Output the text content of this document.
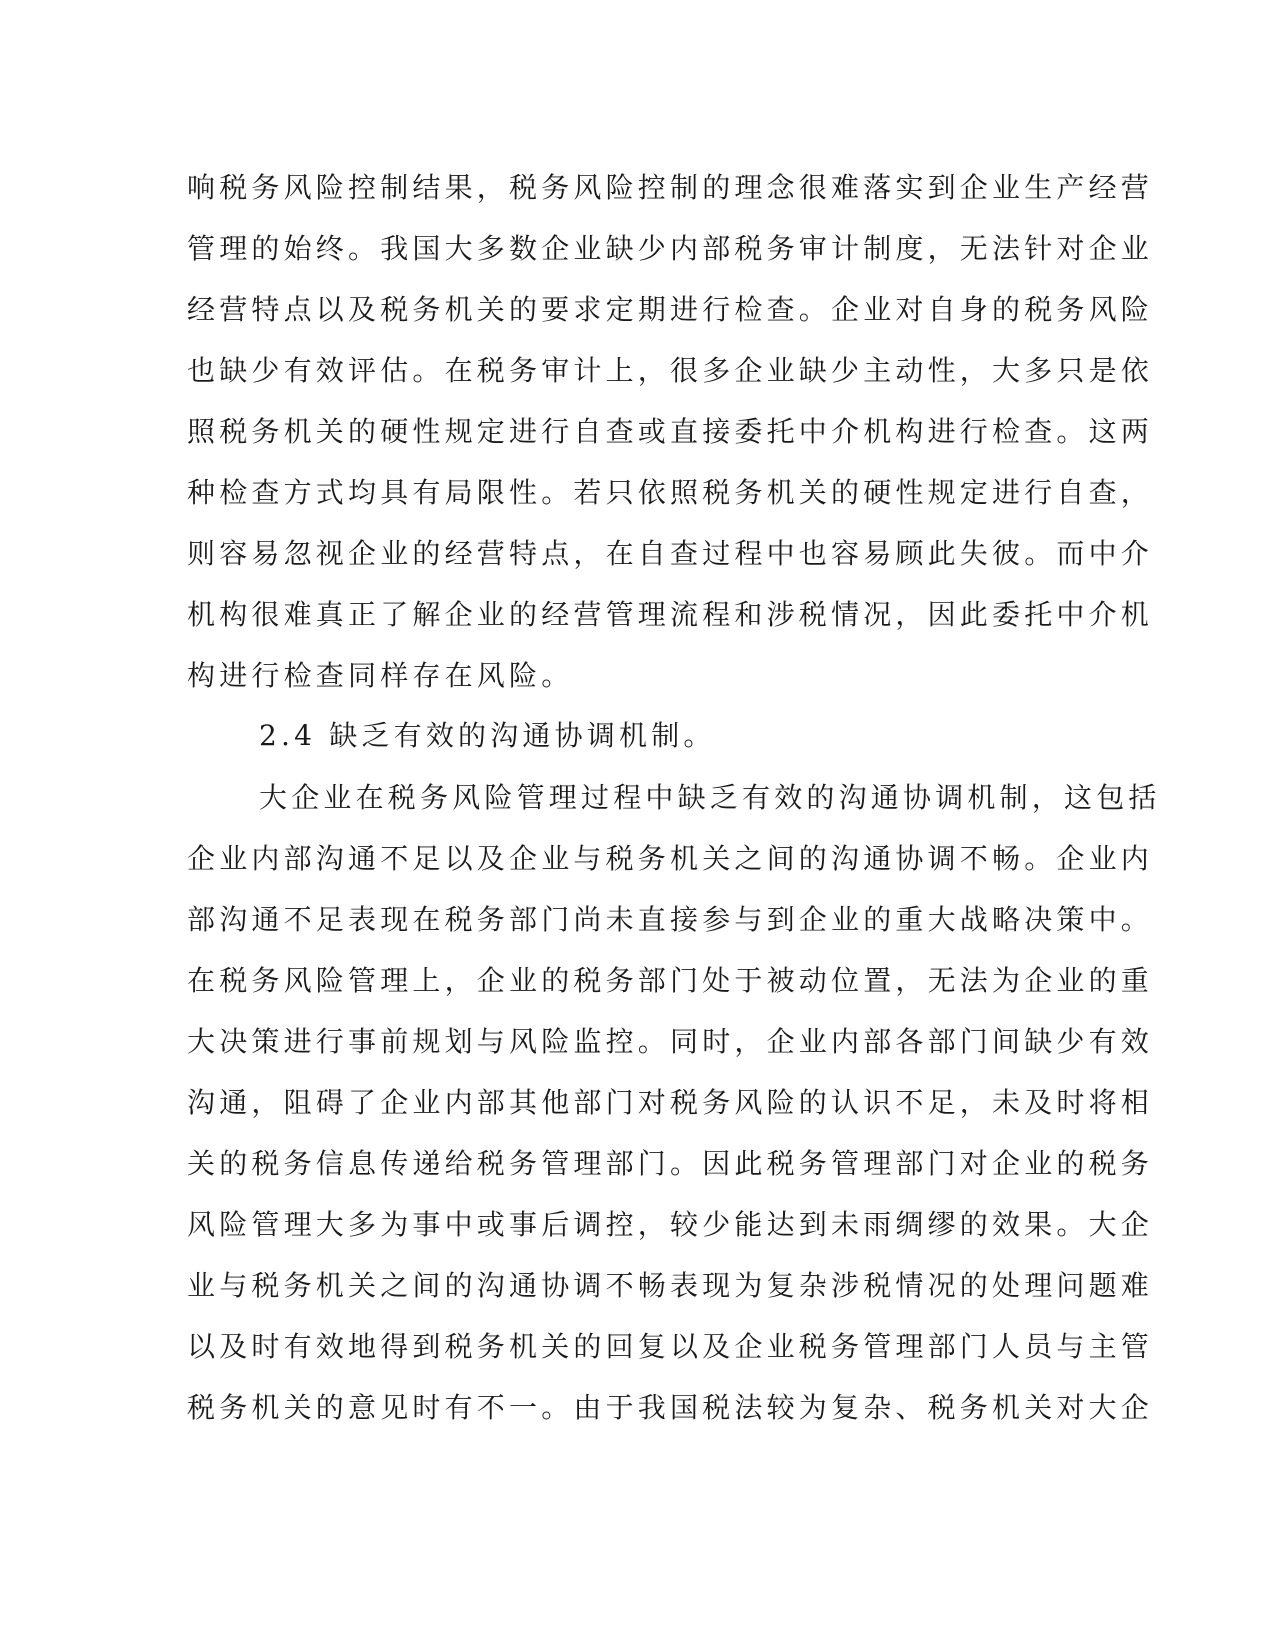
响税务风险控制结果，税务风险控制的理念很难落实到企业生产经营
管理的始终。我国大多数企业缺少内部税务审计制度，无法针对企业
经营特点以及税务机关的要求定期进行检查。企业对自身的税务风险
也缺少有效评估。在税务审计上，很多企业缺少主动性，大多只是依
照税务机关的硬性规定进行自查或直接委托中介机构进行检查。这两
种检查方式均具有局限性。若只依照税务机关的硬性规定进行自查，
则容易忽视企业的经营特点，在自查过程中也容易顾此失彼。而中介
机构很难真正了解企业的经营管理流程和涉税情况，因此委托中介机
构进行检查同样存在风险。
2.4 缺乏有效的沟通协调机制。
大企业在税务风险管理过程中缺乏有效的沟通协调机制，这包括
企业内部沟通不足以及企业与税务机关之间的沟通协调不畅。企业内
部沟通不足表现在税务部门尚未直接参与到企业的重大战略决策中。
在税务风险管理上，企业的税务部门处于被动位置，无法为企业的重
大决策进行事前规划与风险监控。同时，企业内部各部门间缺少有效
沟通，阻碍了企业内部其他部门对税务风险的认识不足，未及时将相
关的税务信息传递给税务管理部门。因此税务管理部门对企业的税务
风险管理大多为事中或事后调控，较少能达到未雨绸缪的效果。大企
业与税务机关之间的沟通协调不畅表现为复杂涉税情况的处理问题难
以及时有效地得到税务机关的回复以及企业税务管理部门人员与主管
税务机关的意见时有不一。由于我国税法较为复杂、税务机关对大企
